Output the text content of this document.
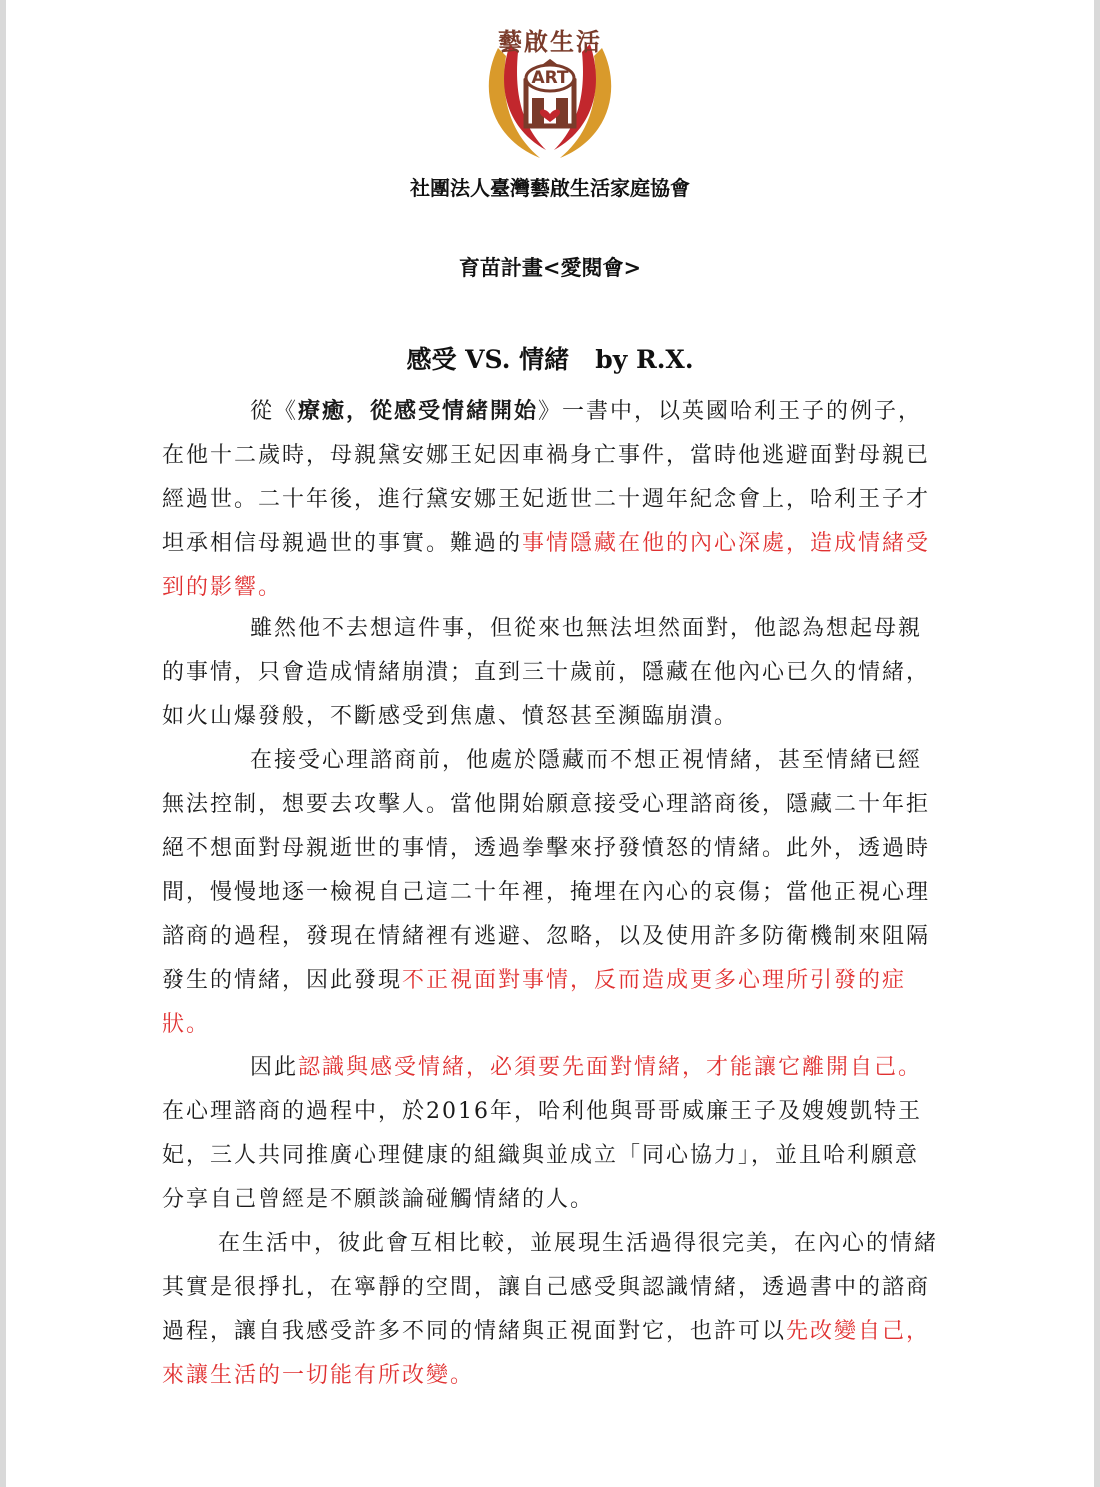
ART
藝啟生活
社團法人臺灣藝啟生活家庭協會
育苗計畫<愛閱會>
感受 VS. 情緒   by R.X.

從《療癒，從感受情緒開始》一書中，以英國哈利王子的例子，在他十二歲時，母親黛安娜王妃因車禍身亡事件，當時他逃避面對母親已經過世。二十年後，進行黛安娜王妃逝世二十週年紀念會上，哈利王子才坦承相信母親過世的事實。難過的事情隱藏在他的內心深處，造成情緒受到的影響。

雖然他不去想這件事，但從來也無法坦然面對，他認為想起母親的事情，只會造成情緒崩潰；直到三十歲前，隱藏在他內心已久的情緒，如火山爆發般，不斷感受到焦慮、憤怒甚至瀕臨崩潰。

在接受心理諮商前，他處於隱藏而不想正視情緒，甚至情緒已經無法控制，想要去攻擊人。當他開始願意接受心理諮商後，隱藏二十年拒絕不想面對母親逝世的事情，透過拳擊來抒發憤怒的情緒。此外，透過時間，慢慢地逐一檢視自己這二十年裡，掩埋在內心的哀傷；當他正視心理諮商的過程，發現在情緒裡有逃避、忽略，以及使用許多防衛機制來阻隔發生的情緒，因此發現不正視面對事情，反而造成更多心理所引發的症狀。

因此認識與感受情緒，必須要先面對情緒，才能讓它離開自己。在心理諮商的過程中，於2016年，哈利他與哥哥威廉王子及嫂嫂凱特王妃，三人共同推廣心理健康的組織與並成立「同心協力」，並且哈利願意分享自己曾經是不願談論碰觸情緒的人。

在生活中，彼此會互相比較，並展現生活過得很完美，在內心的情緒其實是很掙扎，在寧靜的空間，讓自己感受與認識情緒，透過書中的諮商過程，讓自我感受許多不同的情緒與正視面對它，也許可以先改變自己，來讓生活的一切能有所改變。
